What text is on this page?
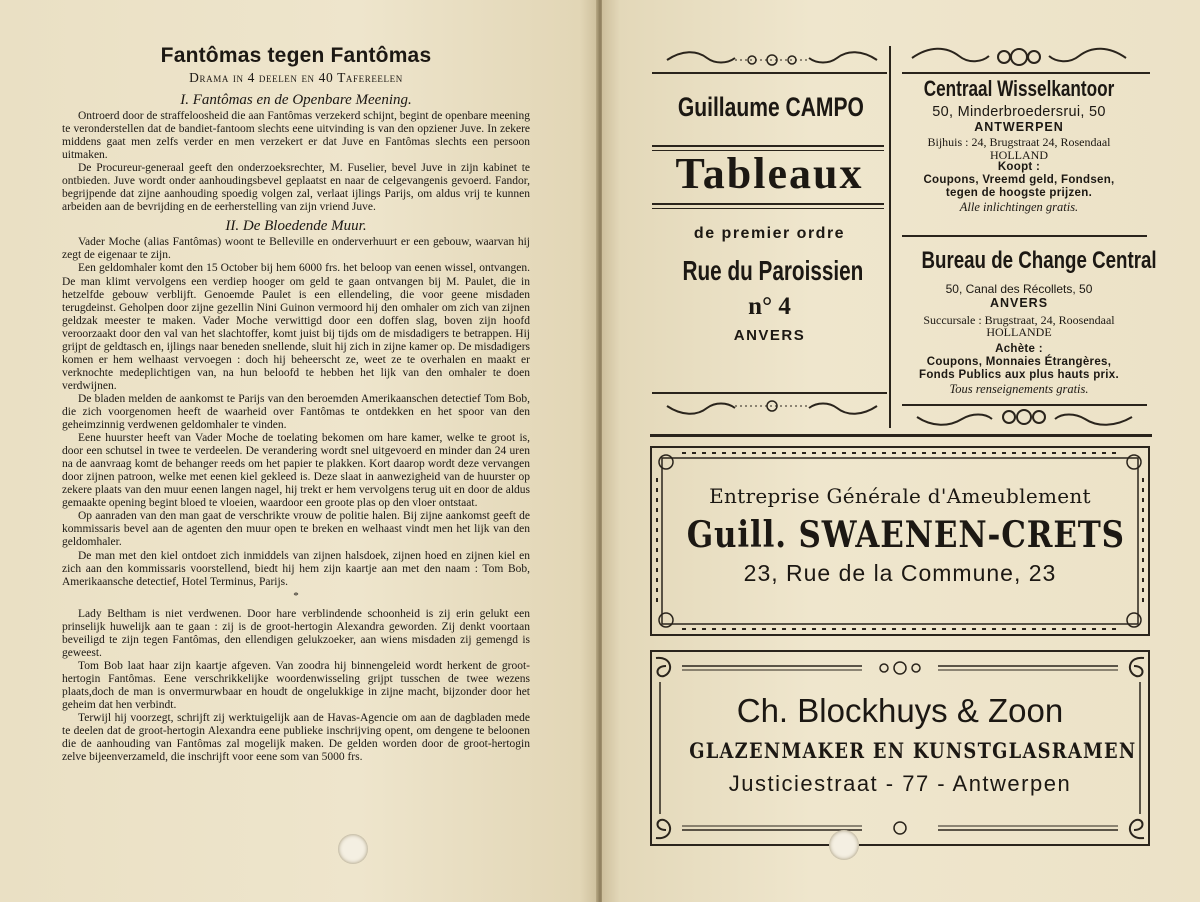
Fantômas tegen Fantômas
Drama in 4 deelen en 40 Tafereelen
I. Fantômas en de Openbare Meening.

Ontroerd door de straffeloosheid die aan Fantômas verzekerd schijnt, begint de openbare meening te veronderstellen dat de bandiet-fantoom slechts eene uitvinding is van den opziener Juve. In zekere middens gaat men zelfs verder en men verzekert er dat Juve en Fantômas slechts een persoon uitmaken.

De Procureur-generaal geeft den onderzoeksrechter, M. Fuselier, bevel Juve in zijn kabinet te ontbieden. Juve wordt onder aanhoudingsbevel geplaatst en naar de celgevangenis gevoerd. Fandor, begrijpende dat zijne aanhouding spoedig volgen zal, verlaat ijlings Parijs, om aldus vrij te kunnen arbeiden aan de bevrijding en de eerherstelling van zijn vriend Juve.

II. De Bloedende Muur.

Vader Moche (alias Fantômas) woont te Belleville en onderverhuurt er een gebouw, waarvan hij zegt de eigenaar te zijn.

Een geldomhaler komt den 15 October bij hem 6000 frs. het beloop van eenen wissel, ontvangen. De man klimt vervolgens een verdiep hooger om geld te gaan ontvangen bij M. Paulet, die in hetzelfde gebouw verblijft. Genoemde Paulet is een ellendeling, die voor geene misdaden terugdeinst. Geholpen door zijne gezellin Nini Guinon vermoord hij den omhaler om zich van zijnen geldzak meester te maken. Vader Moche verwittigd door een doffen slag, boven zijn hoofd veroorzaakt door den val van het slachtoffer, komt juist bij tijds om de misdadigers te betrappen. Hij grijpt de geldtasch en, ijlings naar beneden snellende, sluit hij zich in zijne kamer op. De misdadigers komen er hem welhaast vervoegen : doch hij beheerscht ze, weet ze te overhalen en maakt er verknochte medeplichtigen van, na hun beloofd te hebben het lijk van den omhaler te doen verdwijnen.

De bladen melden de aankomst te Parijs van den beroemden Amerikaanschen detectief Tom Bob, die zich voorgenomen heeft de waarheid over Fantômas te ontdekken en het spoor van den geheimzinnig verdwenen geldomhaler te vinden.

Eene huurster heeft van Vader Moche de toelating bekomen om hare kamer, welke te groot is, door een schutsel in twee te verdeelen. De verandering wordt snel uitgevoerd en minder dan 24 uren na de aanvraag komt de behanger reeds om het papier te plakken. Kort daarop wordt deze vervangen door zijnen patroon, welke met eenen kiel gekleed is. Deze slaat in aanwezigheid van de huurster op zekere plaats van den muur eenen langen nagel, hij trekt er hem vervolgens terug uit en door de aldus gemaakte opening begint bloed te vloeien, waardoor een groote plas op den vloer ontstaat.

Op aanraden van den man gaat de verschrikte vrouw de politie halen. Bij zijne aankomst geeft de kommissaris bevel aan de agenten den muur open te breken en welhaast vindt men het lijk van den geldomhaler.

De man met den kiel ontdoet zich inmiddels van zijnen halsdoek, zijnen hoed en zijnen kiel en zich aan den kommissaris voorstellend, biedt hij hem zijn kaartje aan met den naam : Tom Bob, Amerikaansche detectief, Hotel Terminus, Parijs.

*

Lady Beltham is niet verdwenen. Door hare verblindende schoonheid is zij erin gelukt een prinselijk huwelijk aan te gaan : zij is de groot-hertogin Alexandra geworden. Zij denkt voortaan beveiligd te zijn tegen Fantômas, den ellendigen gelukzoeker, aan wiens misdaden zij gemengd is geweest.

Tom Bob laat haar zijn kaartje afgeven. Van zoodra hij binnengeleid wordt herkent de groot-hertogin Fantômas. Eene verschrikkelijke woordenwisseling grijpt tusschen de twee wezens plaats,doch de man is onvermurwbaar en houdt de ongelukkige in zijne macht, bijzonder door het geheim dat hen verbindt.

Terwijl hij voorzegt, schrijft zij werktuigelijk aan de Havas-Agencie om aan de dagbladen mede te deelen dat de groot-hertogin Alexandra eene publieke inschrijving opent, om dengene te beloonen die de aanhouding van Fantômas zal mogelijk maken. De gelden worden door de groot-hertogin zelve bijeenverzameld, die inschrijft voor eene som van 5000 frs.

Guillaume CAMPO

Tableaux

de premier ordre

Rue du Paroissien

n° 4

ANVERS

Centraal Wisselkantoor

50, Minderbroedersrui, 50

ANTWERPEN

Bijhuis : 24, Brugstraat 24, Rosendaal

HOLLAND

Koopt :

Coupons, Vreemd geld, Fondsen,

tegen de hoogste prijzen.

Alle inlichtingen gratis.

Bureau de Change Central

50, Canal des Récollets, 50

ANVERS

Succursale : Brugstraat, 24, Roosendaal

HOLLANDE

Achète :

Coupons, Monnaies Étrangères,

Fonds Publics aux plus hauts prix.

Tous renseignements gratis.

Entreprise Générale d'Ameublement

Guill. SWAENEN-CRETS

23, Rue de la Commune, 23

Ch. Blockhuys & Zoon

GLAZENMAKER EN KUNSTGLASRAMEN

Justiciestraat - 77 - Antwerpen
